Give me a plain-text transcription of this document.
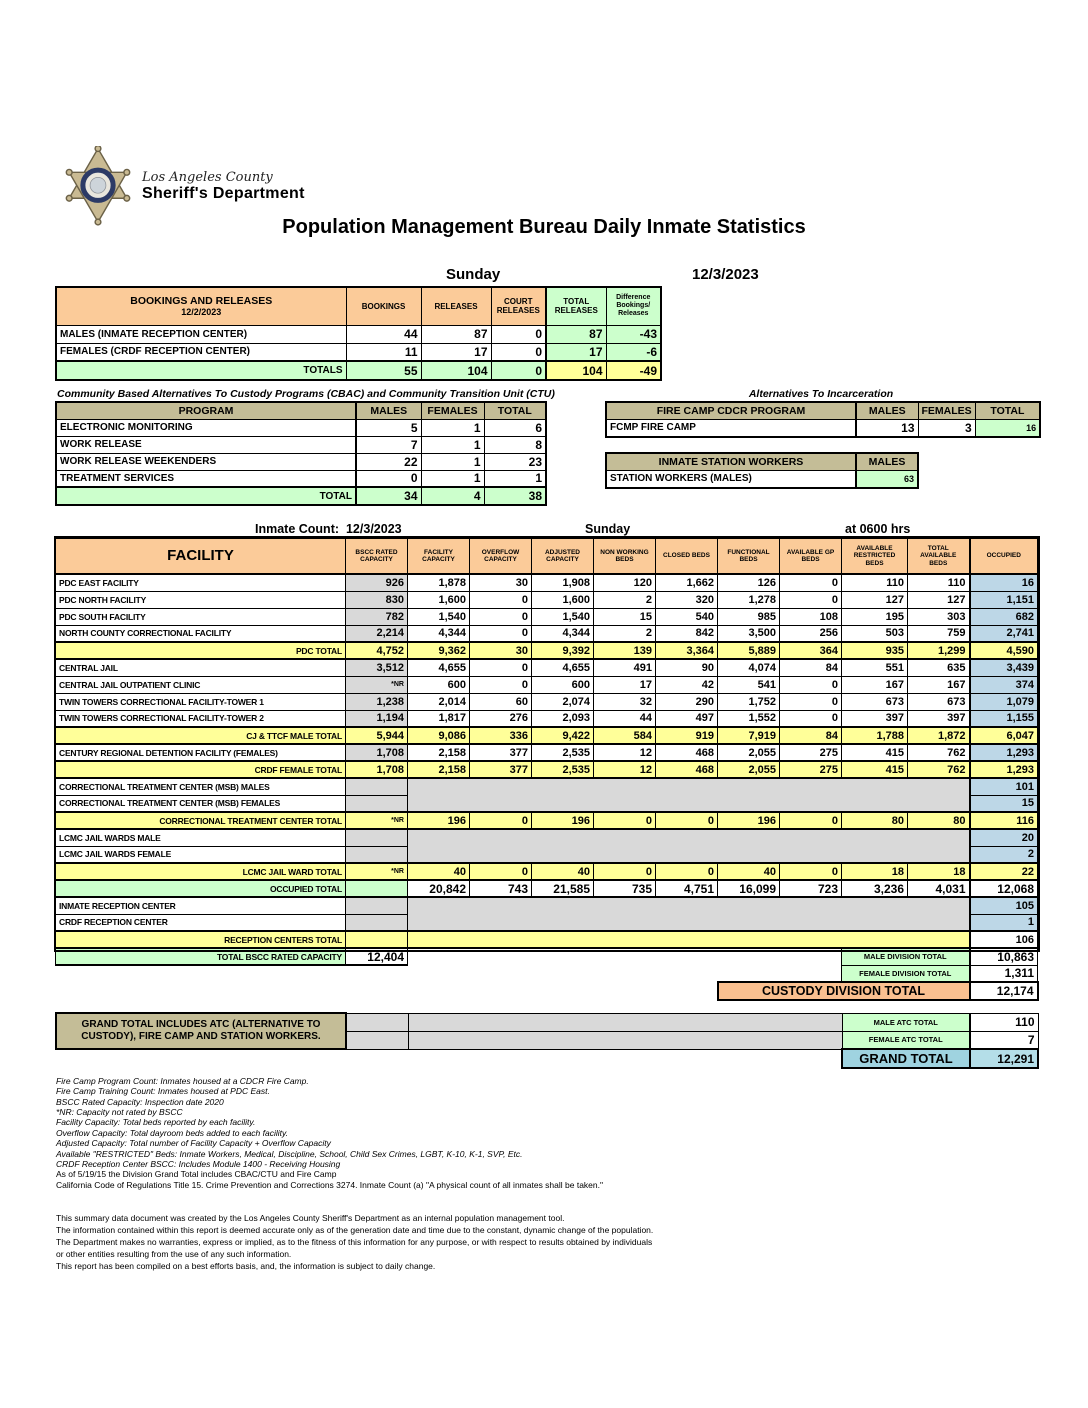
Los Angeles County
Sheriff's Department
Population Management Bureau Daily Inmate Statistics
Sunday	12/3/2023
BOOKINGS AND RELEASES
12/2/2023	BOOKINGS	RELEASES	COURT RELEASES	TOTAL RELEASES	Difference Bookings/ Releases
MALES (INMATE RECEPTION CENTER)	44	87	0	87	-43
FEMALES (CRDF RECEPTION CENTER)	11	17	0	17	-6
TOTALS	55	104	0	104	-49
Community Based Alternatives To Custody Programs (CBAC) and Community Transition Unit (CTU)
PROGRAM	MALES	FEMALES	TOTAL
ELECTRONIC MONITORING	5	1	6
WORK RELEASE	7	1	8
WORK RELEASE WEEKENDERS	22	1	23
TREATMENT SERVICES	0	1	1
TOTAL	34	4	38
Alternatives To Incarceration
FIRE CAMP CDCR PROGRAM	MALES	FEMALES	TOTAL
FCMP FIRE CAMP	13	3	16
INMATE STATION WORKERS	MALES
STATION WORKERS (MALES)	63
Inmate Count: 12/3/2023	Sunday	at 0600 hrs
FACILITY	BSCC RATED CAPACITY	FACILITY CAPACITY	OVERFLOW CAPACITY	ADJUSTED CAPACITY	NON WORKING BEDS	CLOSED BEDS	FUNCTIONAL BEDS	AVAILABLE GP BEDS	AVAILABLE RESTRICTED BEDS	TOTAL AVAILABLE BEDS	OCCUPIED
PDC EAST FACILITY	926	1,878	30	1,908	120	1,662	126	0	110	110	16
PDC NORTH FACILITY	830	1,600	0	1,600	2	320	1,278	0	127	127	1,151
PDC SOUTH FACILITY	782	1,540	0	1,540	15	540	985	108	195	303	682
NORTH COUNTY CORRECTIONAL FACILITY	2,214	4,344	0	4,344	2	842	3,500	256	503	759	2,741
PDC TOTAL	4,752	9,362	30	9,392	139	3,364	5,889	364	935	1,299	4,590
CENTRAL JAIL	3,512	4,655	0	4,655	491	90	4,074	84	551	635	3,439
CENTRAL JAIL OUTPATIENT CLINIC	*NR	600	0	600	17	42	541	0	167	167	374
TWIN TOWERS CORRECTIONAL FACILITY-TOWER 1	1,238	2,014	60	2,074	32	290	1,752	0	673	673	1,079
TWIN TOWERS CORRECTIONAL FACILITY-TOWER 2	1,194	1,817	276	2,093	44	497	1,552	0	397	397	1,155
CJ & TTCF MALE TOTAL	5,944	9,086	336	9,422	584	919	7,919	84	1,788	1,872	6,047
CENTURY REGIONAL DETENTION FACILITY (FEMALES)	1,708	2,158	377	2,535	12	468	2,055	275	415	762	1,293
CRDF FEMALE TOTAL	1,708	2,158	377	2,535	12	468	2,055	275	415	762	1,293
CORRECTIONAL TREATMENT CENTER (MSB) MALES											101
CORRECTIONAL TREATMENT CENTER (MSB) FEMALES											15
CORRECTIONAL TREATMENT CENTER TOTAL	*NR	196	0	196	0	0	196	0	80	80	116
LCMC JAIL WARDS MALE											20
LCMC JAIL WARDS FEMALE											2
LCMC JAIL WARD TOTAL	*NR	40	0	40	0	0	40	0	18	18	22
OCCUPIED TOTAL		20,842	743	21,585	735	4,751	16,099	723	3,236	4,031	12,068
INMATE RECEPTION CENTER											105
CRDF RECEPTION CENTER											1
RECEPTION CENTERS TOTAL											106
TOTAL BSCC RATED CAPACITY	12,404								MALE DIVISION TOTAL		10,863
									FEMALE DIVISION TOTAL		1,311
							CUSTODY DIVISION TOTAL				12,174
GRAND TOTAL INCLUDES ATC (ALTERNATIVE TO CUSTODY), FIRE CAMP AND STATION WORKERS.			MALE ATC TOTAL	110
			FEMALE ATC TOTAL	7
			GRAND TOTAL	12,291
Fire Camp Program Count: Inmates housed at a CDCR Fire Camp.
Fire Camp Training Count: Inmates housed at PDC East.
BSCC Rated Capacity: Inspection date 2020
*NR: Capacity not rated by BSCC
Facility Capacity: Total beds reported by each facility.
Overflow Capacity: Total dayroom beds added to each facility.
Adjusted Capacity: Total number of Facility Capacity + Overflow Capacity
Available "RESTRICTED" Beds: Inmate Workers, Medical, Discipline, School, Child Sex Crimes, LGBT, K-10, K-1, SVP, Etc.
CRDF Reception Center BSCC: Includes Module 1400 - Receiving Housing
As of 5/19/15 the Division Grand Total includes CBAC/CTU and Fire Camp
California Code of Regulations Title 15. Crime Prevention and Corrections 3274. Inmate Count (a) "A physical count of all inmates shall be taken."
This summary data document was created by the Los Angeles County Sheriff's Department as an internal population management tool.
The information contained within this report is deemed accurate only as of the generation date and time due to the constant, dynamic change of the population.
The Department makes no warranties, express or implied, as to the fitness of this information for any purpose, or with respect to results obtained by individuals
or other entities resulting from the use of any such information.
This report has been compiled on a best efforts basis, and, the information is subject to daily change.
